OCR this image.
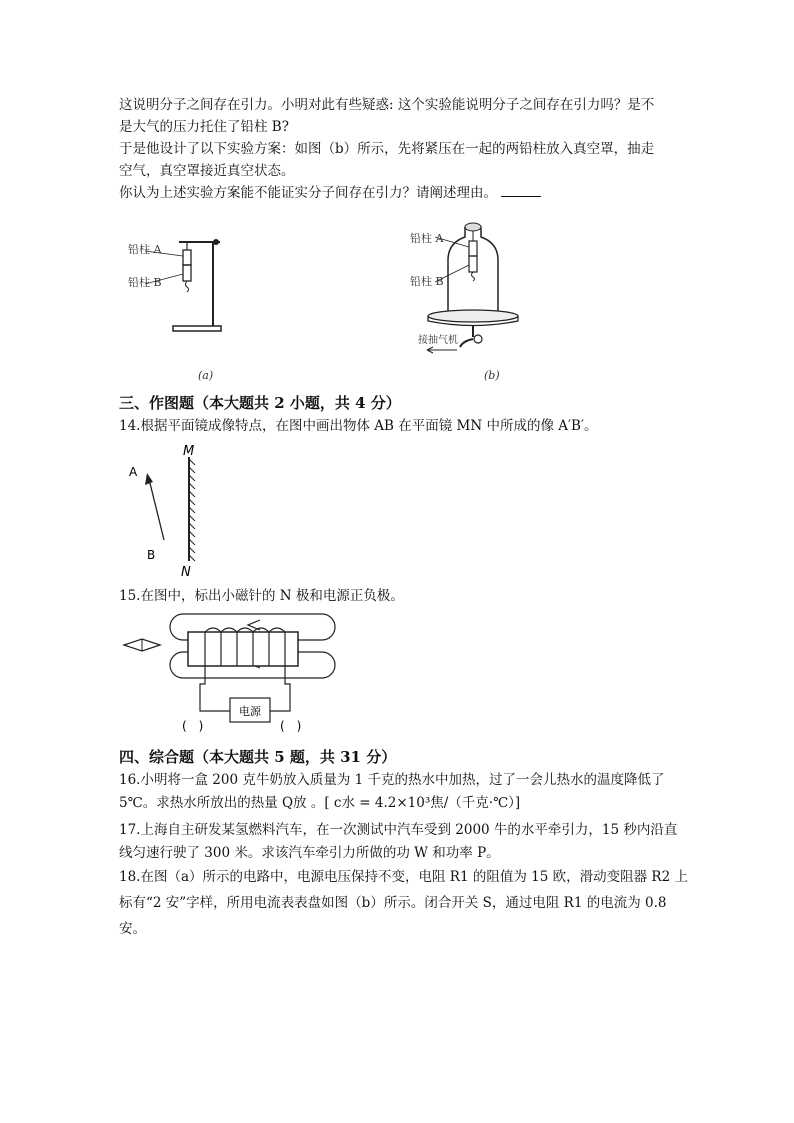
这说明分子之间存在引力。小明对此有些疑惑: 这个实验能说明分子之间存在引力吗？是不
是大气的压力托住了铅柱 B?
于是他设计了以下实验方案：如图（b）所示，先将紧压在一起的两铅柱放入真空罩，抽走
空气，真空罩接近真空状态。
你认为上述实验方案能不能证实分子间存在引力？请阐述理由。
铅柱 A
铅柱 B
(a)
铅柱 A
铅柱 B
接抽气机
(b)
三、作图题（本大题共 2 小题，共 4 分）
14.根据平面镜成像特点，在图中画出物体 AB 在平面镜 MN 中所成的像 A′B′。
A
B
M
N
15.在图中，标出小磁针的 N 极和电源正负极。
电源
(　)	(　)
四、综合题（本大题共 5 题，共 31 分）
16.小明将一盒 200 克牛奶放入质量为 1 千克的热水中加热，过了一会儿热水的温度降低了
5℃。求热水所放出的热量 Q放 。[ c水 = 4.2×10³焦/（千克·℃）]
17.上海自主研发某氢燃料汽车，在一次测试中汽车受到 2000 牛的水平牵引力，15 秒内沿直
线匀速行驶了 300 米。求该汽车牵引力所做的功 W 和功率 P。
18.在图（a）所示的电路中，电源电压保持不变，电阻 R1 的阻值为 15 欧，滑动变阻器 R2 上
标有“2 安”字样，所用电流表表盘如图（b）所示。闭合开关 S，通过电阻 R1 的电流为 0.8
安。
